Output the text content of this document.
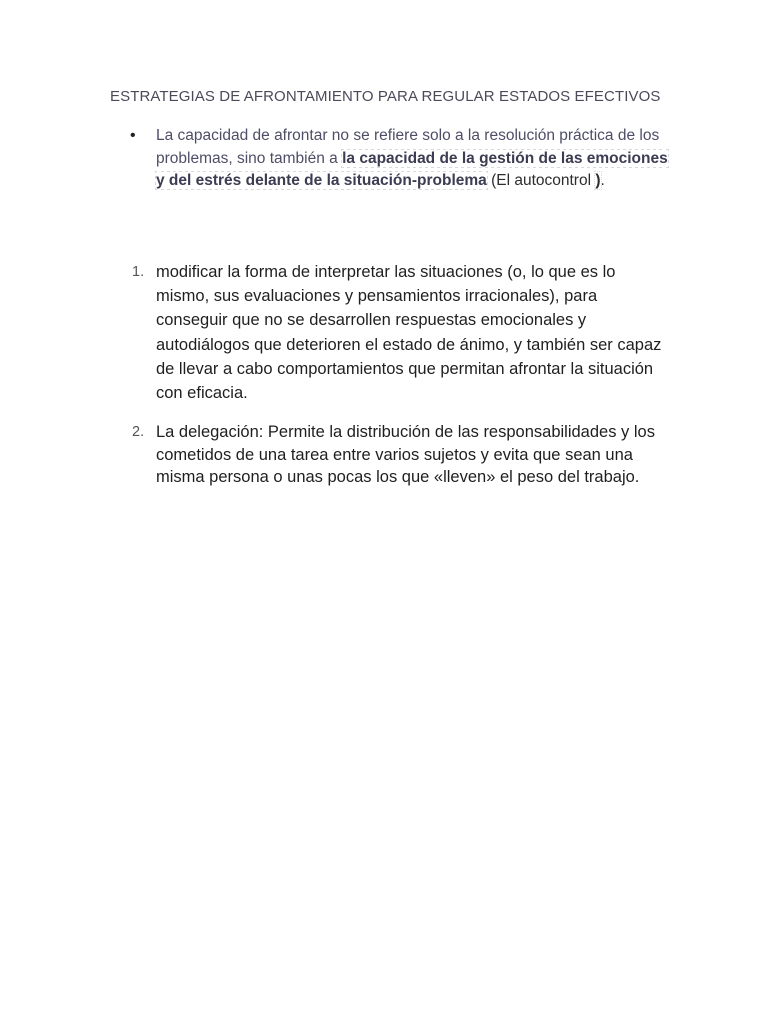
ESTRATEGIAS DE AFRONTAMIENTO PARA REGULAR ESTADOS EFECTIVOS
• La capacidad de afrontar no se refiere solo a la resolución práctica de los problemas, sino también a la capacidad de la gestión de las emociones y del estrés delante de la situación-problema (El autocontrol ).
1. modificar la forma de interpretar las situaciones (o, lo que es lo mismo, sus evaluaciones y pensamientos irracionales), para conseguir que no se desarrollen respuestas emocionales y autodiálogos que deterioren el estado de ánimo, y también ser capaz de llevar a cabo comportamientos que permitan afrontar la situación con eficacia.
2. La delegación: Permite la distribución de las responsabilidades y los cometidos de una tarea entre varios sujetos y evita que sean una misma persona o unas pocas los que «lleven» el peso del trabajo.
